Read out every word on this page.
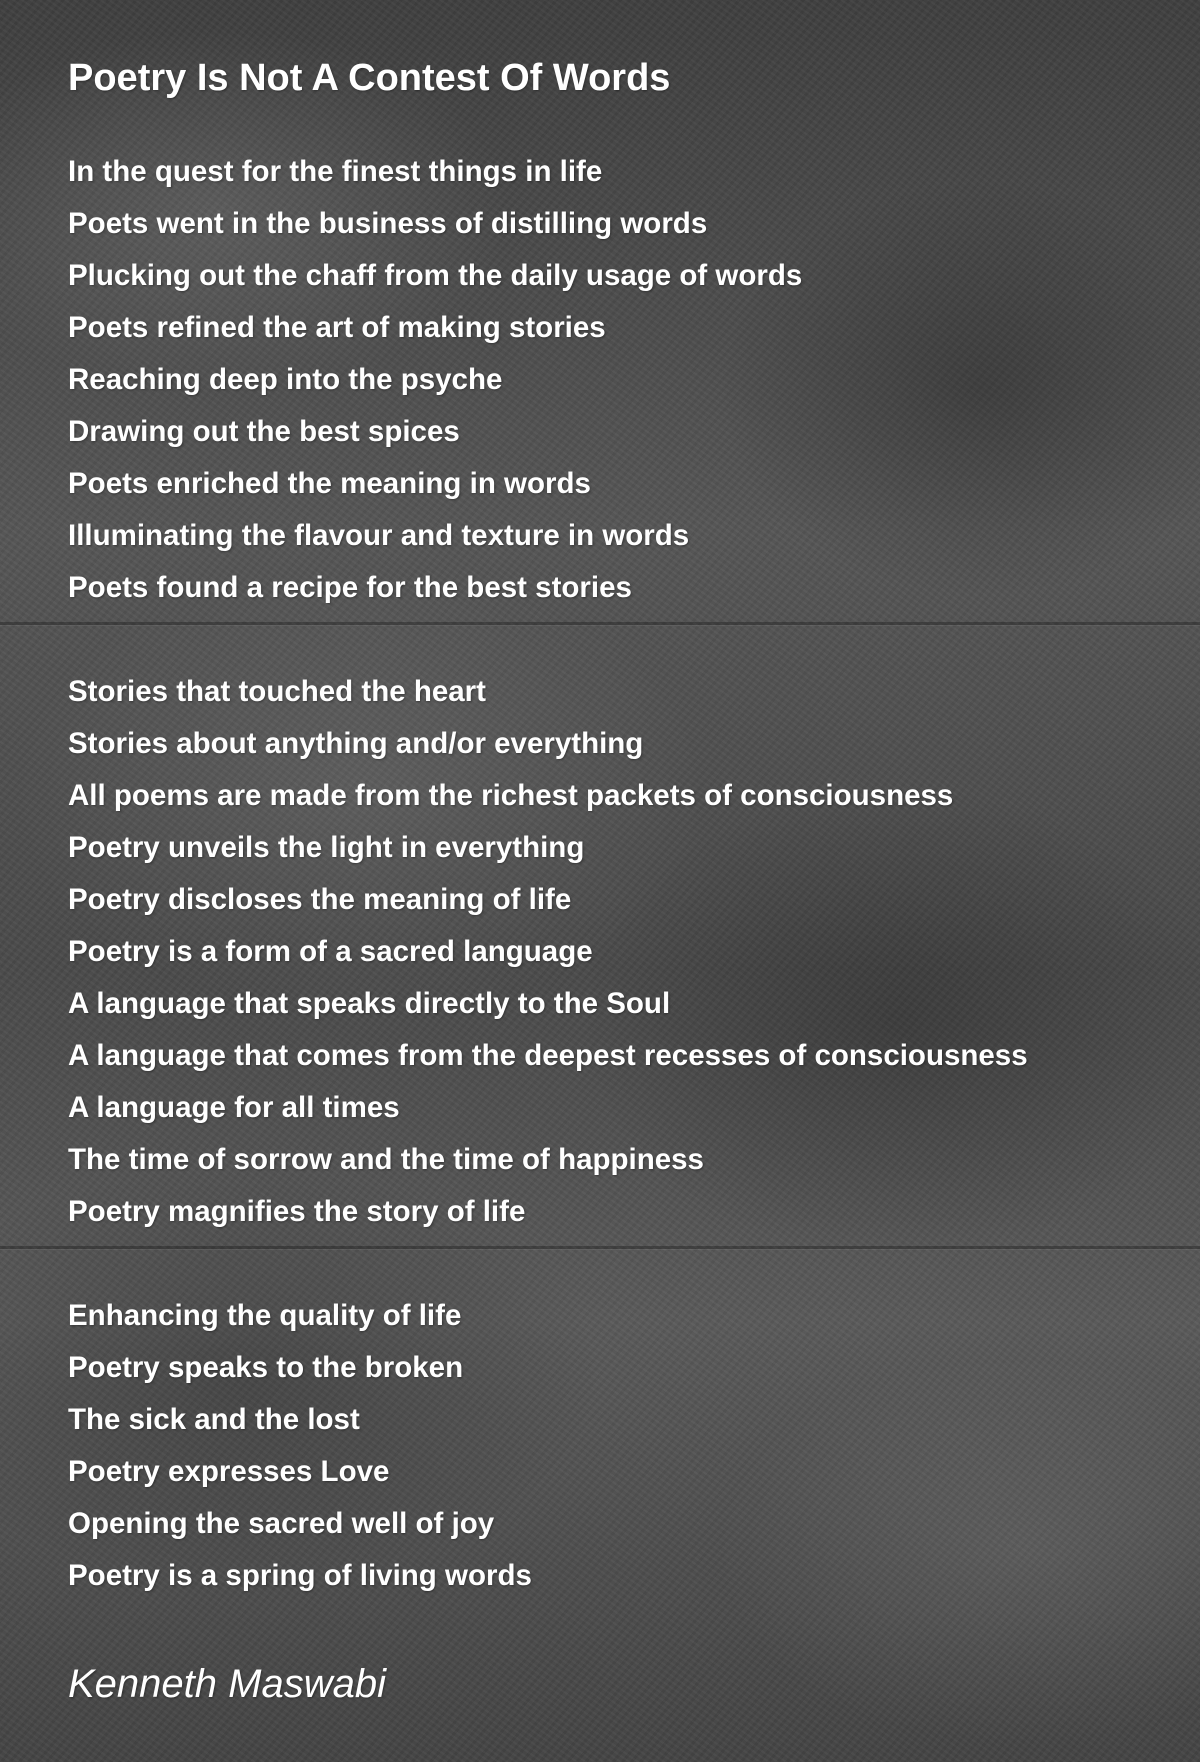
Poetry Is Not A Contest Of Words
In the quest for the finest things in life
Poets went in the business of distilling words
Plucking out the chaff from the daily usage of words
Poets refined the art of making stories
Reaching deep into the psyche
Drawing out the best spices
Poets enriched the meaning in words
Illuminating the flavour and texture in words
Poets found a recipe for the best stories
Stories that touched the heart
Stories about anything and/or everything
All poems are made from the richest packets of consciousness
Poetry unveils the light in everything
Poetry discloses the meaning of life
Poetry is a form of a sacred language
A language that speaks directly to the Soul
A language that comes from the deepest recesses of consciousness
A language for all times
The time of sorrow and the time of happiness
Poetry magnifies the story of life
Enhancing the quality of life
Poetry speaks to the broken
The sick and the lost
Poetry expresses Love
Opening the sacred well of joy
Poetry is a spring of living words
Kenneth Maswabi
